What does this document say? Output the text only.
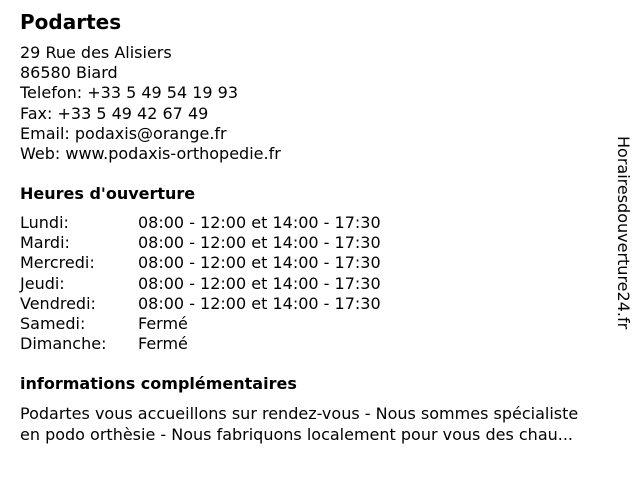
Podartes
29 Rue des Alisiers
86580 Biard
Telefon: +33 5 49 54 19 93
Fax: +33 5 49 42 67 49
Email: podaxis@orange.fr
Web: www.podaxis-orthopedie.fr
Heures d'ouverture
Lundi:	08:00 - 12:00 et 14:00 - 17:30
Mardi:	08:00 - 12:00 et 14:00 - 17:30
Mercredi:	08:00 - 12:00 et 14:00 - 17:30
Jeudi:	08:00 - 12:00 et 14:00 - 17:30
Vendredi:	08:00 - 12:00 et 14:00 - 17:30
Samedi:	Fermé
Dimanche:	Fermé
informations complémentaires
Podartes vous accueillons sur rendez-vous - Nous sommes spécialiste
en podo orthèsie - Nous fabriquons localement pour vous des chau...
Horairesdouverture24.fr
